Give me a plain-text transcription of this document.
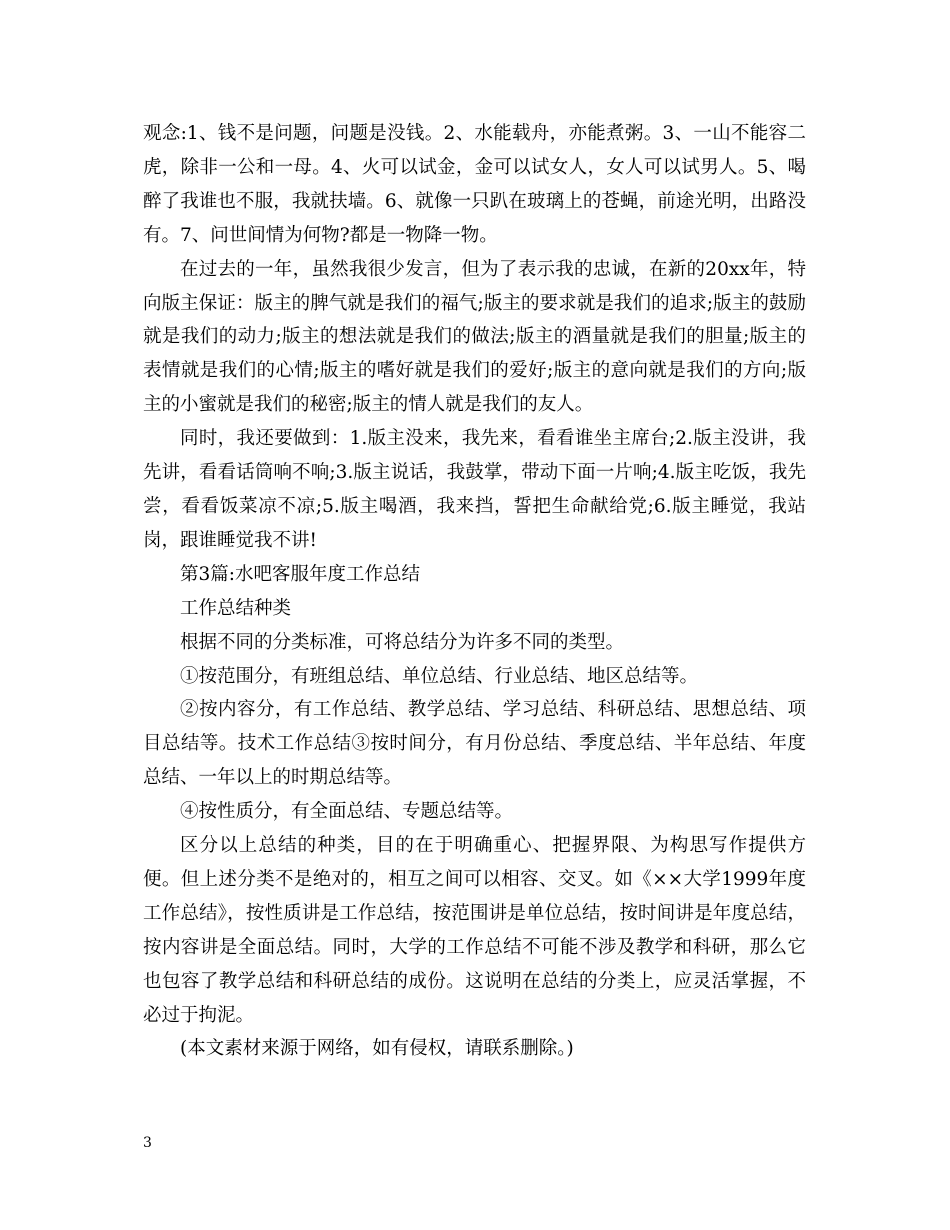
观念:1、钱不是问题，问题是没钱。2、水能载舟，亦能煮粥。3、一山不能容二虎，除非一公和一母。4、火可以试金，金可以试女人，女人可以试男人。5、喝醉了我谁也不服，我就扶墙。6、就像一只趴在玻璃上的苍蝇，前途光明，出路没有。7、问世间情为何物?都是一物降一物。

在过去的一年，虽然我很少发言，但为了表示我的忠诚，在新的20xx年，特向版主保证：版主的脾气就是我们的福气;版主的要求就是我们的追求;版主的鼓励就是我们的动力;版主的想法就是我们的做法;版主的酒量就是我们的胆量;版主的表情就是我们的心情;版主的嗜好就是我们的爱好;版主的意向就是我们的方向;版主的小蜜就是我们的秘密;版主的情人就是我们的友人。

同时，我还要做到：1.版主没来，我先来，看看谁坐主席台;2.版主没讲，我先讲，看看话筒响不响;3.版主说话，我鼓掌，带动下面一片响;4.版主吃饭，我先尝，看看饭菜凉不凉;5.版主喝酒，我来挡，誓把生命献给党;6.版主睡觉，我站岗，跟谁睡觉我不讲!

第3篇:水吧客服年度工作总结

工作总结种类

根据不同的分类标准，可将总结分为许多不同的类型。

①按范围分，有班组总结、单位总结、行业总结、地区总结等。

②按内容分，有工作总结、教学总结、学习总结、科研总结、思想总结、项目总结等。技术工作总结③按时间分，有月份总结、季度总结、半年总结、年度总结、一年以上的时期总结等。

④按性质分，有全面总结、专题总结等。

区分以上总结的种类，目的在于明确重心、把握界限、为构思写作提供方便。但上述分类不是绝对的，相互之间可以相容、交叉。如《××大学1999年度工作总结》，按性质讲是工作总结，按范围讲是单位总结，按时间讲是年度总结，按内容讲是全面总结。同时，大学的工作总结不可能不涉及教学和科研，那么它也包容了教学总结和科研总结的成份。这说明在总结的分类上，应灵活掌握，不必过于拘泥。

(本文素材来源于网络，如有侵权，请联系删除。)

3
